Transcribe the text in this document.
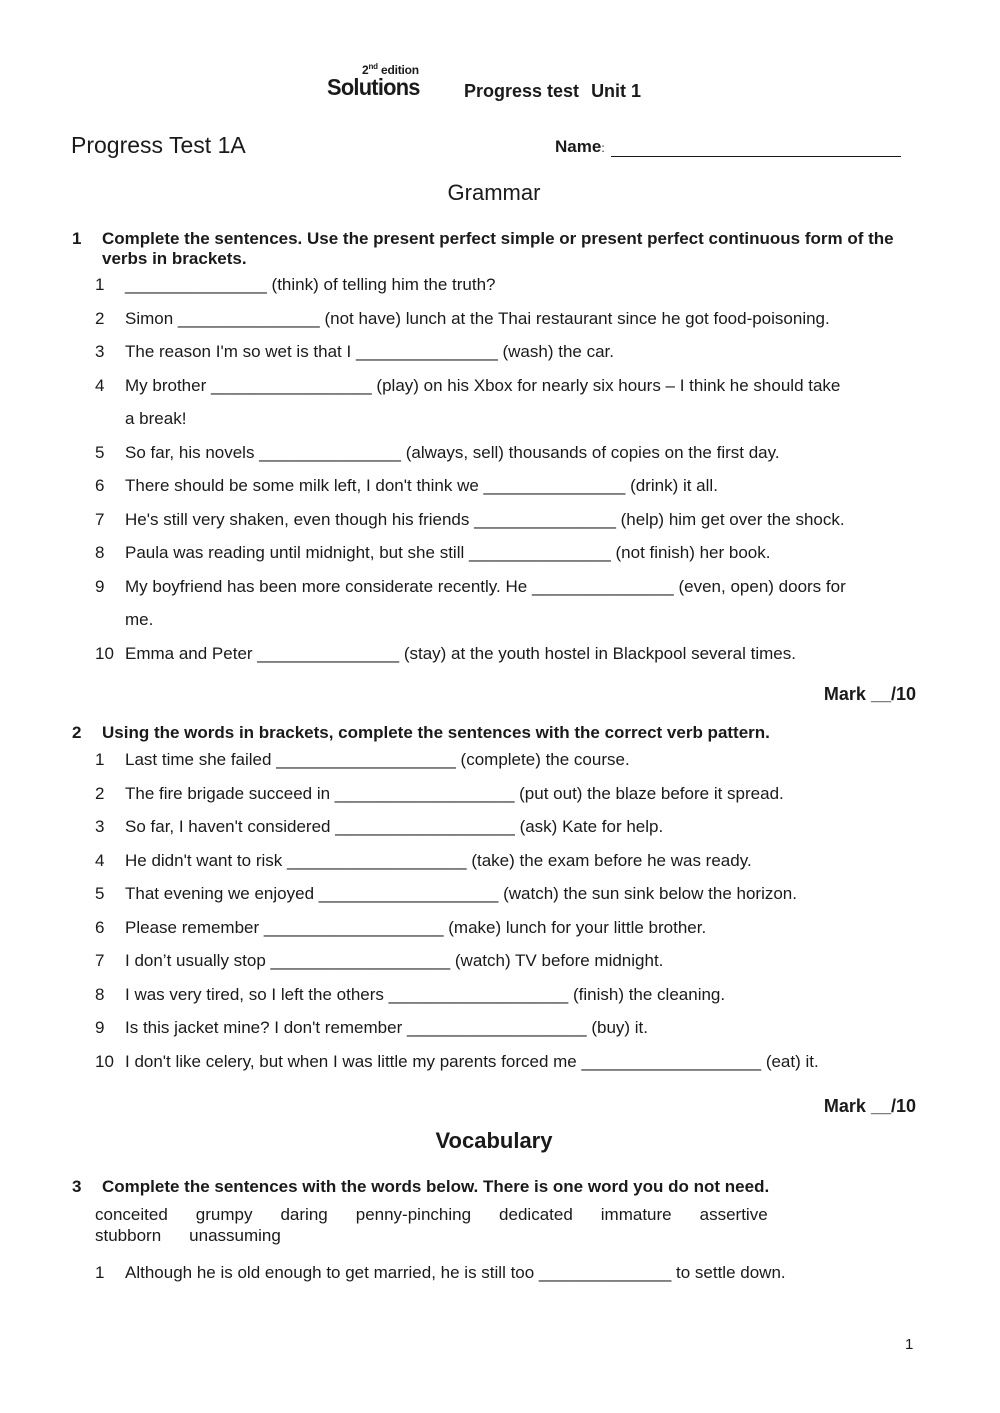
2nd edition
Solutions Progress test Unit 1
Progress Test 1A	Name:
Grammar
1 Complete the sentences. Use the present perfect simple or present perfect continuous form of the verbs in brackets.
1 _______________ (think) of telling him the truth?
2 Simon _______________ (not have) lunch at the Thai restaurant since he got food-poisoning.
3 The reason I'm so wet is that I _______________ (wash) the car.
4 My brother _________________ (play) on his Xbox for nearly six hours – I think he should take
a break!
5 So far, his novels _______________ (always, sell) thousands of copies on the first day.
6 There should be some milk left, I don't think we _______________ (drink) it all.
7 He's still very shaken, even though his friends _______________ (help) him get over the shock.
8 Paula was reading until midnight, but she still _______________ (not finish) her book.
9 My boyfriend has been more considerate recently. He _______________ (even, open) doors for
me.
10 Emma and Peter _______________ (stay) at the youth hostel in Blackpool several times.
Mark __/10
2 Using the words in brackets, complete the sentences with the correct verb pattern.
1 Last time she failed ___________________ (complete) the course.
2 The fire brigade succeed in ___________________ (put out) the blaze before it spread.
3 So far, I haven't considered ___________________ (ask) Kate for help.
4 He didn't want to risk ___________________ (take) the exam before he was ready.
5 That evening we enjoyed ___________________ (watch) the sun sink below the horizon.
6 Please remember ___________________ (make) lunch for your little brother.
7 I don’t usually stop ___________________ (watch) TV before midnight.
8 I was very tired, so I left the others ___________________ (finish) the cleaning.
9 Is this jacket mine? I don't remember ___________________ (buy) it.
10 I don't like celery, but when I was little my parents forced me ___________________ (eat) it.
Mark __/10
Vocabulary
3 Complete the sentences with the words below. There is one word you do not need.
conceited grumpy daring penny-pinching dedicated immature assertivestubborn unassuming
1 Although he is old enough to get married, he is still too ______________ to settle down.
1
